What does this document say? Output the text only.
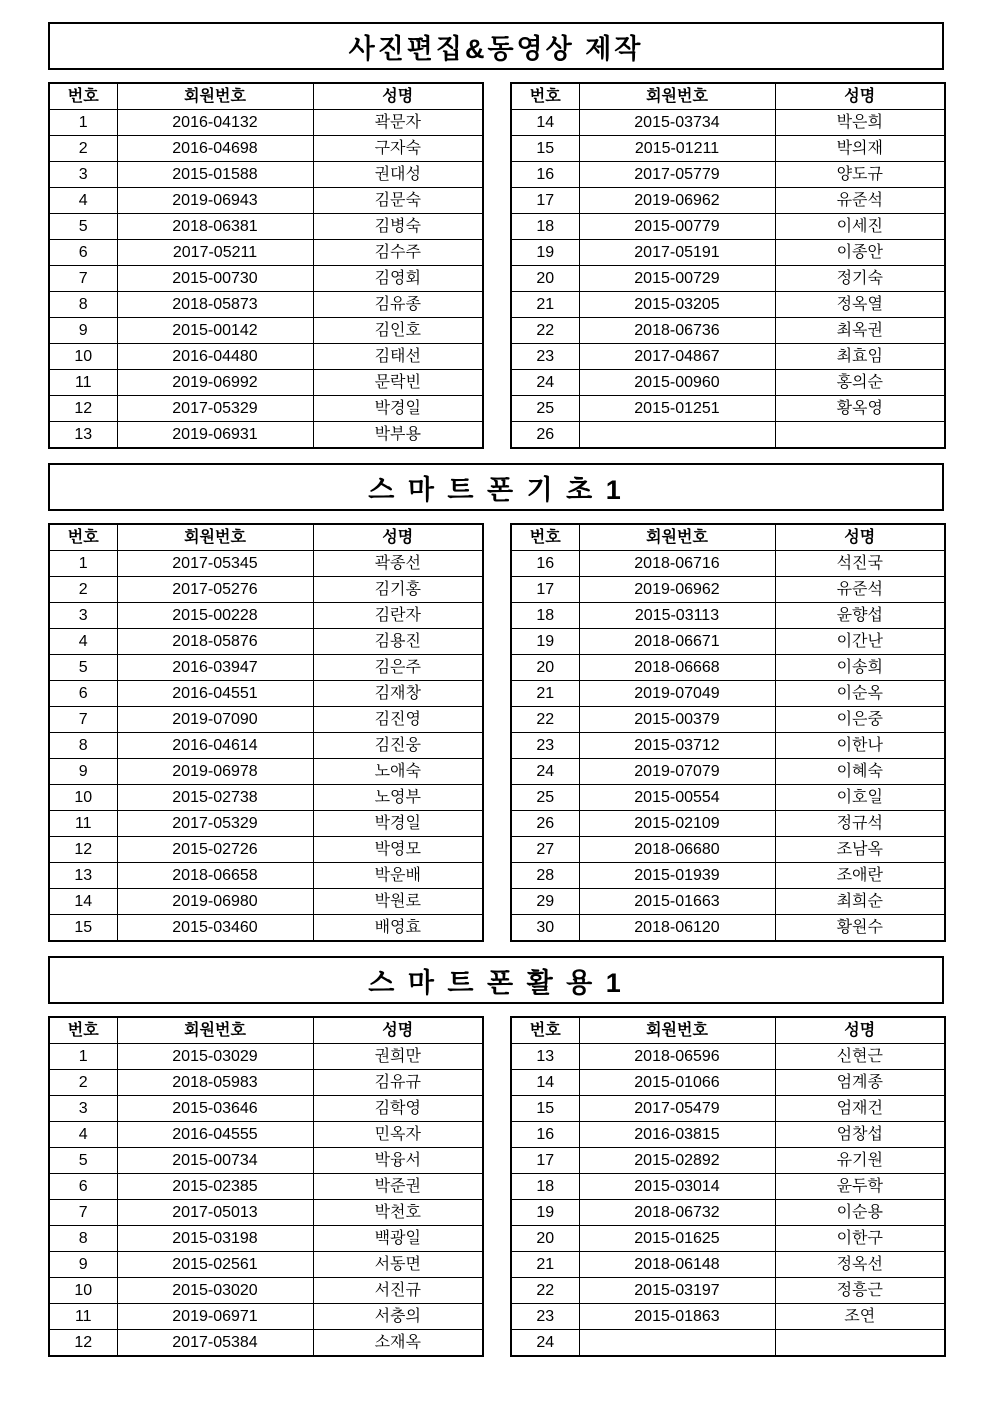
사진편집&동영상 제작
번호	회원번호	성명
1	2016-04132	곽문자
2	2016-04698	구자숙
3	2015-01588	권대성
4	2019-06943	김문숙
5	2018-06381	김병숙
6	2017-05211	김수주
7	2015-00730	김영회
8	2018-05873	김유종
9	2015-00142	김인호
10	2016-04480	김태선
11	2019-06992	문락빈
12	2017-05329	박경일
13	2019-06931	박부용
번호	회원번호	성명
14	2015-03734	박은희
15	2015-01211	박의재
16	2017-05779	양도규
17	2019-06962	유준석
18	2015-00779	이세진
19	2017-05191	이종안
20	2015-00729	정기숙
21	2015-03205	정옥열
22	2018-06736	최옥권
23	2017-04867	최효임
24	2015-00960	홍의순
25	2015-01251	황옥영
26		
스 마 트 폰 기 초 1
번호	회원번호	성명
1	2017-05345	곽종선
2	2017-05276	김기홍
3	2015-00228	김란자
4	2018-05876	김용진
5	2016-03947	김은주
6	2016-04551	김재창
7	2019-07090	김진영
8	2016-04614	김진웅
9	2019-06978	노애숙
10	2015-02738	노영부
11	2017-05329	박경일
12	2015-02726	박영모
13	2018-06658	박운배
14	2019-06980	박원로
15	2015-03460	배영효
번호	회원번호	성명
16	2018-06716	석진국
17	2019-06962	유준석
18	2015-03113	윤향섭
19	2018-06671	이간난
20	2018-06668	이송희
21	2019-07049	이순옥
22	2015-00379	이은중
23	2015-03712	이한나
24	2019-07079	이혜숙
25	2015-00554	이호일
26	2015-02109	정규석
27	2018-06680	조남옥
28	2015-01939	조애란
29	2015-01663	최희순
30	2018-06120	황원수
스 마 트 폰 활 용 1
번호	회원번호	성명
1	2015-03029	권희만
2	2018-05983	김유규
3	2015-03646	김학영
4	2016-04555	민옥자
5	2015-00734	박융서
6	2015-02385	박준권
7	2017-05013	박천호
8	2015-03198	백광일
9	2015-02561	서동면
10	2015-03020	서진규
11	2019-06971	서충의
12	2017-05384	소재옥
번호	회원번호	성명
13	2018-06596	신현근
14	2015-01066	엄계종
15	2017-05479	엄재건
16	2016-03815	엄창섭
17	2015-02892	유기원
18	2015-03014	윤두학
19	2018-06732	이순용
20	2015-01625	이한구
21	2018-06148	정옥선
22	2015-03197	정흥근
23	2015-01863	조연
24		
